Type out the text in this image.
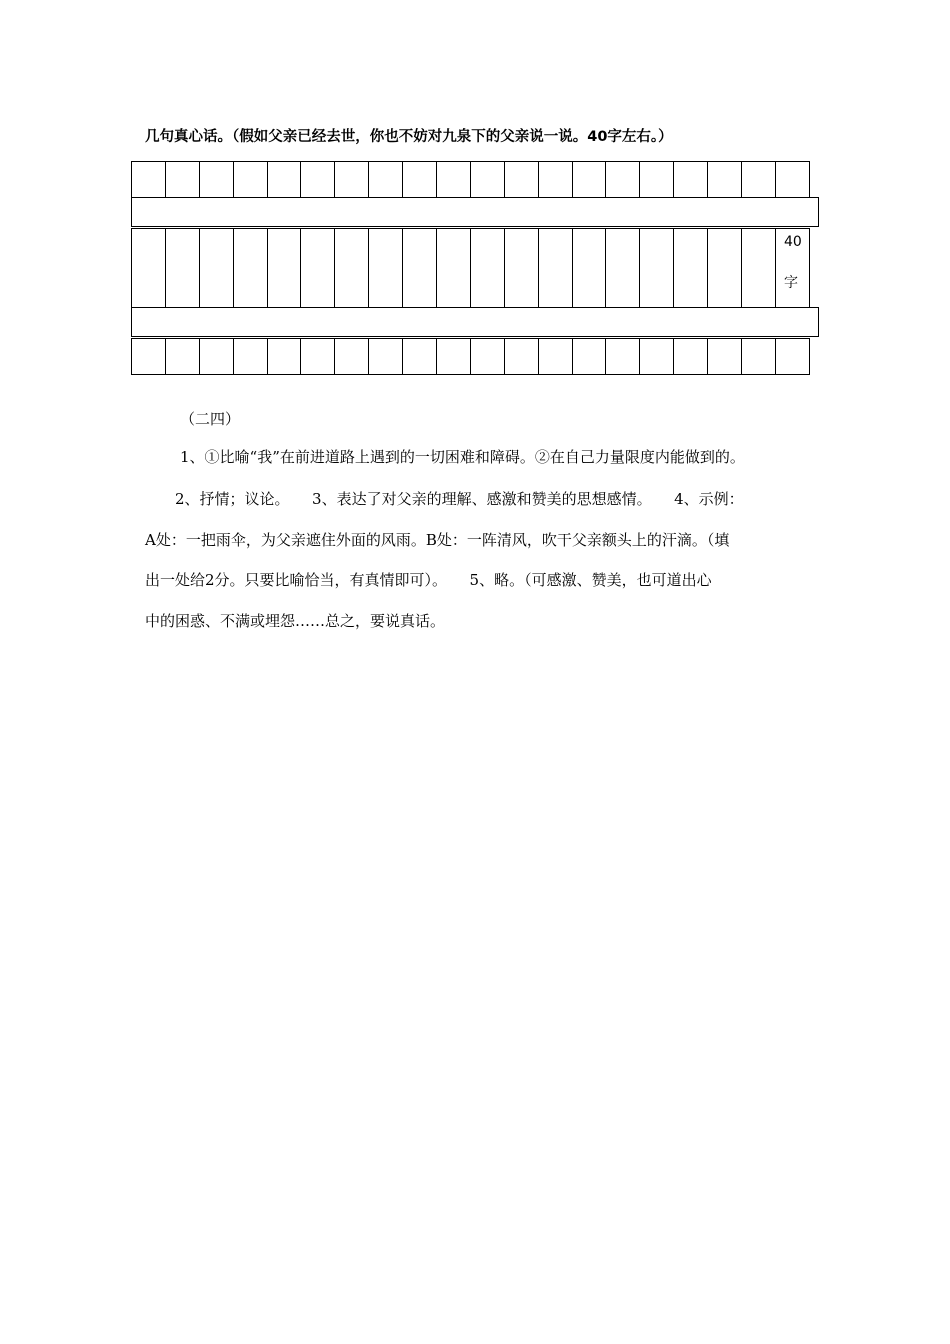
几句真心话。（假如父亲已经去世，你也不妨对九泉下的父亲说一说。40字左右。）

40
字

（二四）
1、①比喻“我”在前进道路上遇到的一切困难和障碍。②在自己力量限度内能做到的。
2、抒情；议论。　　3、表达了对父亲的理解、感激和赞美的思想感情。　　4、示例：
A处：一把雨伞，为父亲遮住外面的风雨。B处：一阵清风，吹干父亲额头上的汗滴。（填
出一处给2分。只要比喻恰当，有真情即可）。　　5、略。（可感激、赞美，也可道出心
中的困惑、不满或埋怨……总之，要说真话。
